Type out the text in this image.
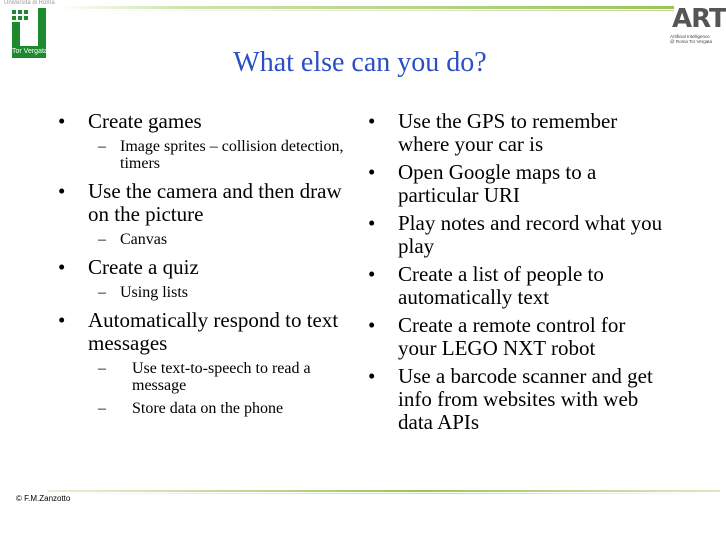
Università di Roma
Tor Vergata
ART
Artificial Intelligence
@ Roma Tor Vergata
What else can you do?
•	Create games
– Image sprites – collision detection, timers
•	Use the camera and then draw on the picture
– Canvas
•	Create a quiz
– Using lists
•	Automatically respond to text messages
– Use text-to-speech to read a message
– Store data on the phone
•	Use the GPS to remember where your car is
•	Open Google maps to a particular URI
•	Play notes and record what you play
•	Create a list of people to automatically text
•	Create a remote control for your LEGO NXT robot
•	Use a barcode scanner and get info from websites with web data APIs
© F.M.Zanzotto
